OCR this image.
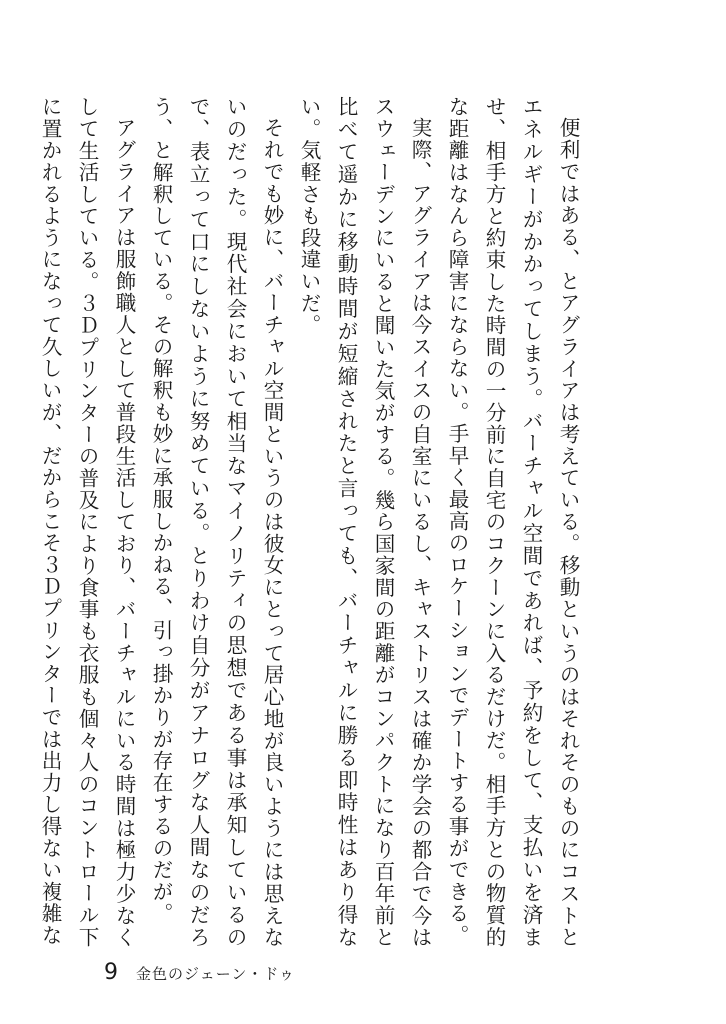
便利ではある、とアグライアは考えている。移動というのはそれそのものにコストとエネルギーがかかってしまう。バーチャル空間であれば、予約をして、支払いを済ませ、相手方と約束した時間の一分前に自宅のコクーンに入るだけだ。相手方との物質的な距離はなんら障害にならない。手早く最高のロケーションでデートする事ができる。

実際、アグライアは今スイスの自室にいるし、キャストリスは確か学会の都合で今はスウェーデンにいると聞いた気がする。幾ら国家間の距離がコンパクトになり百年前と比べて遥かに移動時間が短縮されたと言っても、バーチャルに勝る即時性はあり得ない。気軽さも段違いだ。

それでも妙に、バーチャル空間というのは彼女にとって居心地が良いようには思えないのだった。現代社会において相当なマイノリティの思想である事は承知しているので、表立って口にしないように努めている。とりわけ自分がアナログな人間なのだろう、と解釈している。その解釈も妙に承服しかねる、引っ掛かりが存在するのだが。

アグライアは服飾職人として普段生活しており、バーチャルにいる時間は極力少なくして生活している。３Ｄプリンターの普及により食事も衣服も個々人のコントロール下に置かれるようになって久しいが、だからこそ３Ｄプリンターでは出力し得ない複雑な

9 金色のジェーン・ドゥ
